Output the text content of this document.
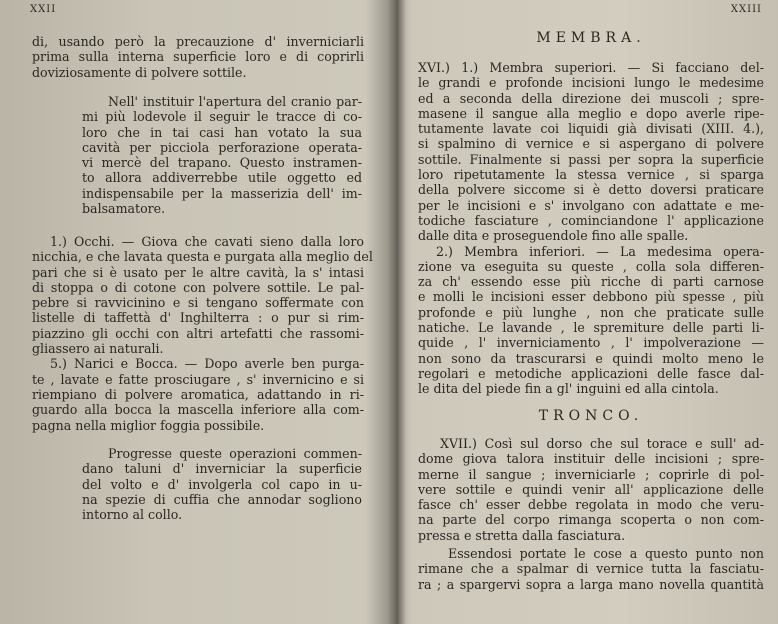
XXII
di, usando però la precauzione d' inverniciarli
prima sulla interna superficie loro e di coprirli
doviziosamente di polvere sottile.
Nell' instituir l'apertura del cranio par-
mi più lodevole il seguir le tracce di co-
loro che in tai casi han votato la sua
cavità per picciola perforazione operata-
vi mercè del trapano. Questo instramen-
to allora addiverrebbe utile oggetto ed
indispensabile per la masserizia dell' im-
balsamatore.
1.) Occhi. — Giova che cavati sieno dalla loro
nicchia, e che lavata questa e purgata alla meglio del
pari che si è usato per le altre cavità, la s' intasi
di stoppa o di cotone con polvere sottile. Le pal-
pebre si ravvicinino e si tengano soffermate con
listelle di taffettà d' Inghilterra : o pur si rim-
piazzino gli occhi con altri artefatti che rassomi-
gliassero ai naturali.
5.) Narici e Bocca. — Dopo averle ben purga-
te , lavate e fatte prosciugare , s' invernicino e si
riempiano di polvere aromatica, adattando in ri-
guardo alla bocca la mascella inferiore alla com-
pagna nella miglior foggia possibile.
Progresse queste operazioni commen-
dano taluni d' inverniciar la superficie
del volto e d' involgerla col capo in u-
na spezie di cuffia che annodar sogliono
intorno al collo.
XXIII
MEMBRA.
XVI.) 1.) Membra superiori. — Si facciano del-
le grandi e profonde incisioni lungo le medesime
ed a seconda della direzione dei muscoli ; spre-
masene il sangue alla meglio e dopo averle ripe-
tutamente lavate coi liquidi già divisati (XIII. 4.),
si spalmino di vernice e si aspergano di polvere
sottile. Finalmente si passi per sopra la superficie
loro ripetutamente la stessa vernice , si sparga
della polvere siccome si è detto doversi praticare
per le incisioni e s' involgano con adattate e me-
todiche fasciature , cominciandone l' applicazione
dalle dita e proseguendole fino alle spalle.
2.) Membra inferiori. — La medesima opera-
zione va eseguita su queste , colla sola differen-
za ch' essendo esse più ricche di parti carnose
e molli le incisioni esser debbono più spesse , più
profonde e più lunghe , non che praticate sulle
natiche. Le lavande , le spremiture delle parti li-
quide , l' inverniciamento , l' impolverazione —
non sono da trascurarsi e quindi molto meno le
regolari e metodiche applicazioni delle fasce dal-
le dita del piede fin a gl' inguini ed alla cintola.
TRONCO.
XVII.) Così sul dorso che sul torace e sull' ad-
dome giova talora instituir delle incisioni ; spre-
merne il sangue ; inverniciarle ; coprirle di pol-
vere sottile e quindi venir all' applicazione delle
fasce ch' esser debbe regolata in modo che veru-
na parte del corpo rimanga scoperta o non com-
pressa e stretta dalla fasciatura.
Essendosi portate le cose a questo punto non
rimane che a spalmar di vernice tutta la fasciatu-
ra ; a spargervi sopra a larga mano novella quantità
